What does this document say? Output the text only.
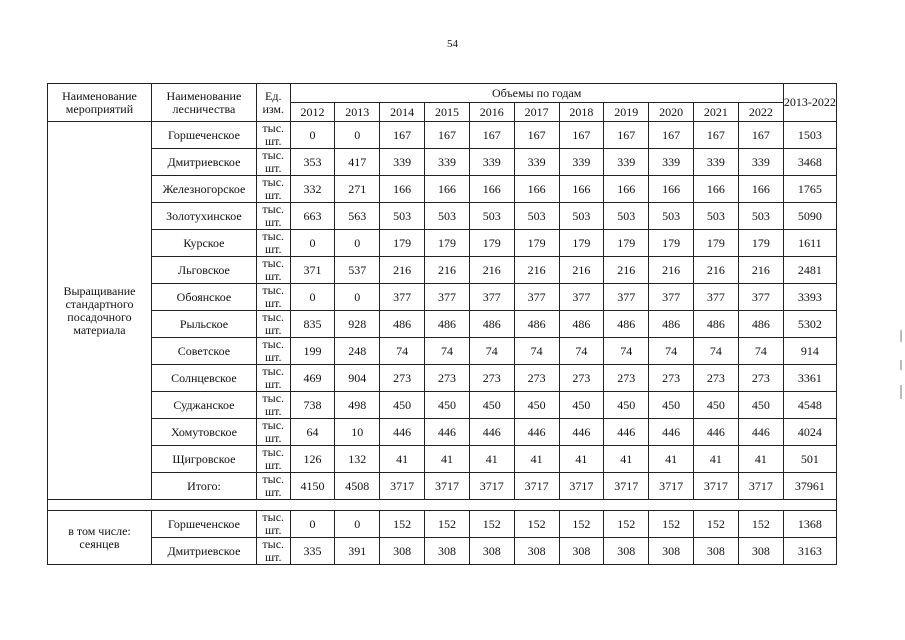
54
Наименование мероприятий	Наименование лесничества	Ед. изм.	Объемы по годам											2013-2022
			2012	2013	2014	2015	2016	2017	2018	2019	2020	2021	2022	
Выращивание стандартного посадочного материала	Горшеченское	тыс. шт.	0	0	167	167	167	167	167	167	167	167	167	1503
	Дмитриевское	тыс. шт.	353	417	339	339	339	339	339	339	339	339	339	3468
	Железногорское	тыс. шт.	332	271	166	166	166	166	166	166	166	166	166	1765
	Золотухинское	тыс. шт.	663	563	503	503	503	503	503	503	503	503	503	5090
	Курское	тыс. шт.	0	0	179	179	179	179	179	179	179	179	179	1611
	Льговское	тыс. шт.	371	537	216	216	216	216	216	216	216	216	216	2481
	Обоянское	тыс. шт.	0	0	377	377	377	377	377	377	377	377	377	3393
	Рыльское	тыс. шт.	835	928	486	486	486	486	486	486	486	486	486	5302
	Советское	тыс. шт.	199	248	74	74	74	74	74	74	74	74	74	914
	Солнцевское	тыс. шт.	469	904	273	273	273	273	273	273	273	273	273	3361
	Суджанское	тыс. шт.	738	498	450	450	450	450	450	450	450	450	450	4548
	Хомутовское	тыс. шт.	64	10	446	446	446	446	446	446	446	446	446	4024
	Щигровское	тыс. шт.	126	132	41	41	41	41	41	41	41	41	41	501
	Итого:	тыс. шт.	4150	4508	3717	3717	3717	3717	3717	3717	3717	3717	3717	37961

в том числе: сеянцев	Горшеченское	тыс. шт.	0	0	152	152	152	152	152	152	152	152	152	1368
	Дмитриевское	тыс. шт.	335	391	308	308	308	308	308	308	308	308	308	3163
